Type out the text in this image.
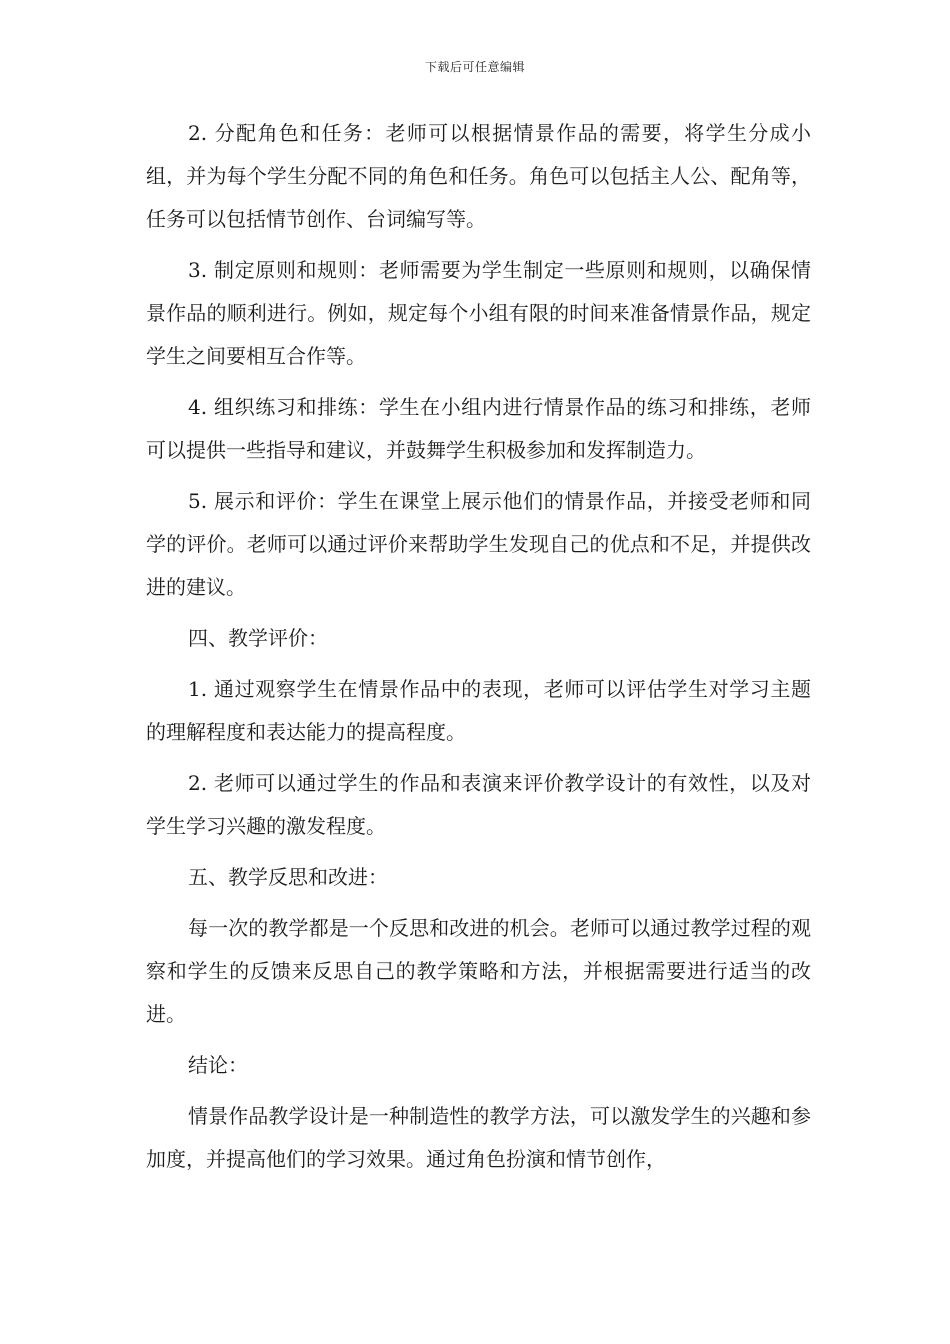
下载后可任意编辑

2. 分配角色和任务：老师可以根据情景作品的需要，将学生分成小组，并为每个学生分配不同的角色和任务。角色可以包括主人公、配角等，任务可以包括情节创作、台词编写等。

3. 制定原则和规则：老师需要为学生制定一些原则和规则，以确保情景作品的顺利进行。例如，规定每个小组有限的时间来准备情景作品，规定学生之间要相互合作等。

4. 组织练习和排练：学生在小组内进行情景作品的练习和排练，老师可以提供一些指导和建议，并鼓舞学生积极参加和发挥制造力。

5. 展示和评价：学生在课堂上展示他们的情景作品，并接受老师和同学的评价。老师可以通过评价来帮助学生发现自己的优点和不足，并提供改进的建议。

四、教学评价：

1. 通过观察学生在情景作品中的表现，老师可以评估学生对学习主题的理解程度和表达能力的提高程度。

2. 老师可以通过学生的作品和表演来评价教学设计的有效性，以及对学生学习兴趣的激发程度。

五、教学反思和改进：

每一次的教学都是一个反思和改进的机会。老师可以通过教学过程的观察和学生的反馈来反思自己的教学策略和方法，并根据需要进行适当的改进。

结论：

情景作品教学设计是一种制造性的教学方法，可以激发学生的兴趣和参加度，并提高他们的学习效果。通过角色扮演和情节创作，
